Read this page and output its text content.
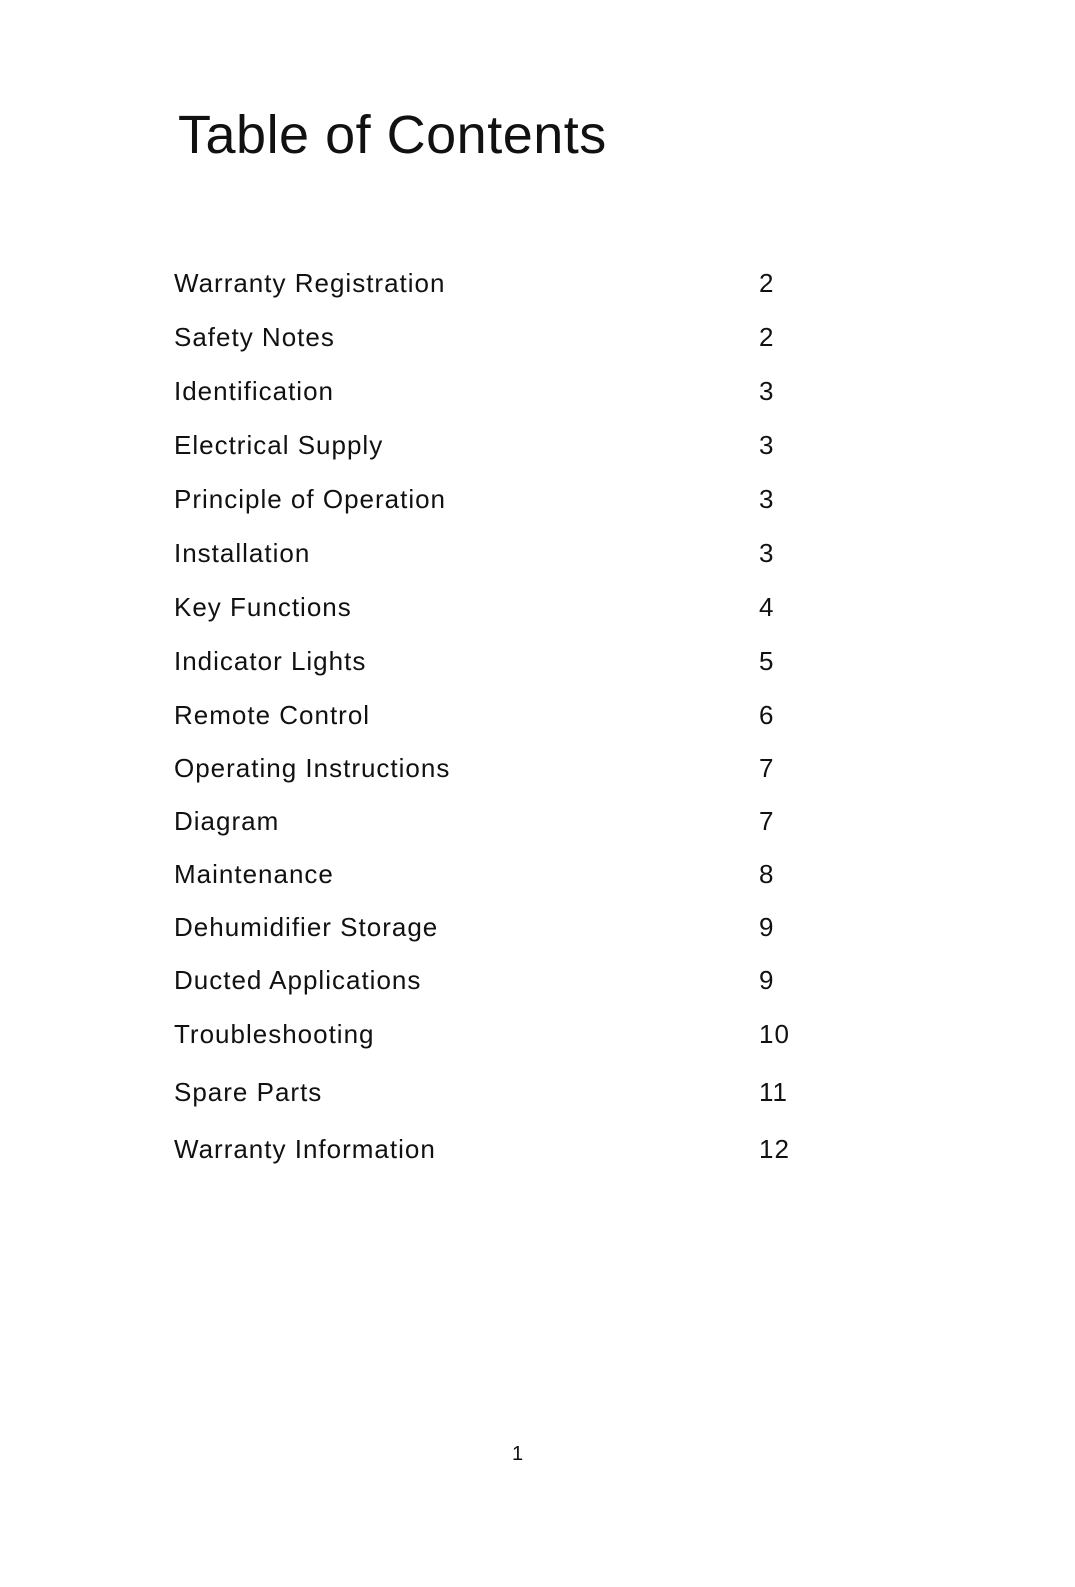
Table of Contents
Warranty Registration	2
Safety Notes	2
Identification	3
Electrical Supply	3
Principle of Operation	3
Installation	3
Key Functions	4
Indicator Lights	5
Remote Control	6
Operating Instructions	7
Diagram	7
Maintenance	8
Dehumidifier Storage	9
Ducted Applications	9
Troubleshooting	10
Spare Parts	11
Warranty Information	12
1
